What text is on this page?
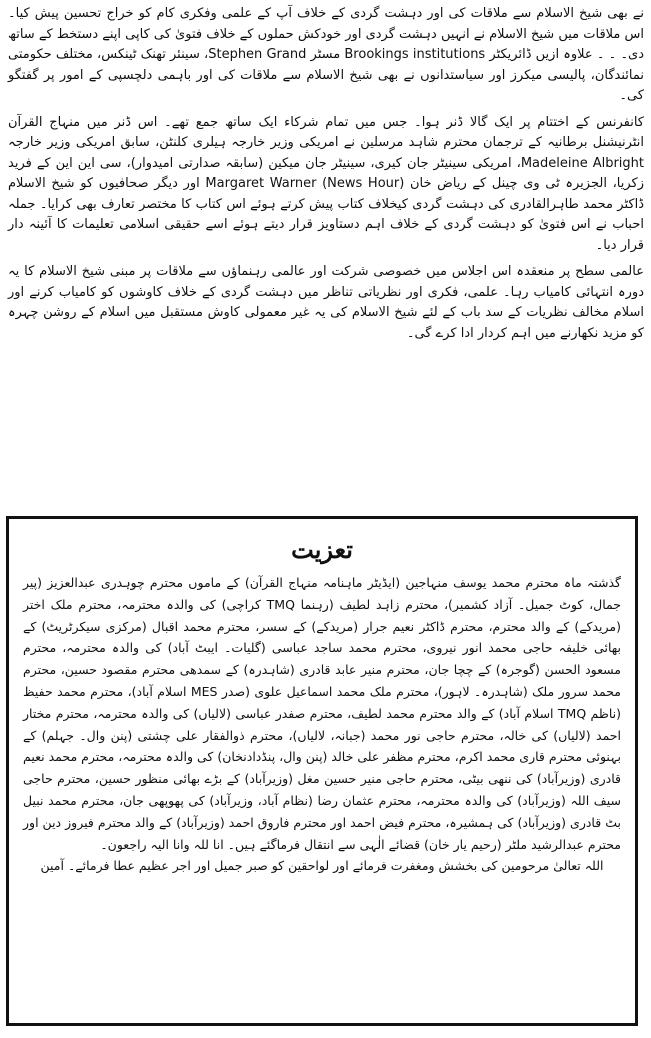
نے بھی شیخ الاسلام سے ملاقات کی اور دہشت گردی کے خلاف آپ کے علمی وفکری کام کو خراج تحسین پیش کیا۔ اس ملاقات میں شیخ الاسلام نے انہیں دہشت گردی اور خودکش حملوں کے خلاف فتویٰ کی کاپی اپنے دستخط کے ساتھ دی۔ ۔ ۔ علاوہ ازیں ڈائریکٹر Brookings institutions مسٹر Stephen Grand، سینئر تھنک ٹینکس، مختلف حکومتی نمائندگان، پالیسی میکرز اور سیاستدانوں نے بھی شیخ الاسلام سے ملاقات کی اور باہمی دلچسپی کے امور پر گفتگو کی۔

کانفرنس کے اختتام پر ایک گالا ڈنر ہوا۔ جس میں تمام شرکاء ایک ساتھ جمع تھے۔ اس ڈنر میں منہاج القرآن انٹرنیشنل برطانیہ کے ترجمان محترم شاہد مرسلین نے امریکی وزیر خارجہ ہیلری کلنٹن، سابق امریکی وزیر خارجہ Madeleine Albright، امریکی سینیٹر جان کیری، سینیٹر جان میکین (سابقہ صدارتی امیدوار)، سی این این کے فرید زکریا، الجزیرہ ٹی وی چینل کے ریاض خان (News Hour) Margaret Warner اور دیگر صحافیوں کو شیخ الاسلام ڈاکٹر محمد طاہرالقادری کی دہشت گردی کیخلاف کتاب پیش کرتے ہوئے اس کتاب کا مختصر تعارف بھی کرایا۔ جملہ احباب نے اس فتویٰ کو دہشت گردی کے خلاف اہم دستاویز قرار دیتے ہوئے اسے حقیقی اسلامی تعلیمات کا آئینہ دار قرار دیا۔

عالمی سطح پر منعقدہ اس اجلاس میں خصوصی شرکت اور عالمی رہنماؤں سے ملاقات پر مبنی شیخ الاسلام کا یہ دورہ انتہائی کامیاب رہا۔ علمی، فکری اور نظریاتی تناظر میں دہشت گردی کے خلاف کاوشوں کو کامیاب کرنے اور اسلام مخالف نظریات کے سد باب کے لئے شیخ الاسلام کی یہ غیر معمولی کاوش مستقبل میں اسلام کے روشن چہرہ کو مزید نکھارنے میں اہم کردار ادا کرے گی۔

تعزیت

گذشتہ ماہ محترم محمد یوسف منہاجین (ایڈیٹر ماہنامہ منہاج القرآن) کے ماموں محترم چوہدری عبدالعزیز (پیر جمال، کوٹ جمیل۔ آزاد کشمیر)، محترم زاہد لطیف (رہنما TMQ کراچی) کی والدہ محترمہ، محترم ملک اختر (مریدکے) کے والد محترم، محترم ڈاکٹر نعیم جرار (مریدکے) کے سسر، محترم محمد اقبال (مرکزی سیکرٹریٹ) کے بھائی خلیفہ حاجی محمد انور نیروی، محترم محمد ساجد عباسی (گلیات۔ ایبٹ آباد) کی والدہ محترمہ، محترم مسعود الحسن (گوجرہ) کے چچا جان، محترم منیر عابد قادری (شاہدرہ) کے سمدھی محترم مقصود حسین، محترم محمد سرور ملک (شاہدرہ۔ لاہور)، محترم ملک محمد اسماعیل علوی (صدر MES اسلام آباد)، محترم محمد حفیظ (ناظم TMQ اسلام آباد) کے والد محترم محمد لطیف، محترم صفدر عباسی (لالیاں) کی والدہ محترمہ، محترم مختار احمد (لالیاں) کی خالہ، محترم حاجی نور محمد (جبانہ، لالیاں)، محترم ذوالفقار علی چشتی (پنن وال۔ جہلم) کے بہنوئی محترم قاری محمد اکرم، محترم مظفر علی خالد (پنن وال، پنڈدادنخان) کی والدہ محترمہ، محترم محمد نعیم قادری (وزیرآباد) کی ننھی بیٹی، محترم حاجی منیر حسین مغل (وزیرآباد) کے بڑے بھائی منظور حسین، محترم حاجی سیف اللہ (وزیرآباد) کی والدہ محترمہ، محترم عثمان رضا (نظام آباد، وزیرآباد) کی پھوپھی جان، محترم محمد نبیل بٹ قادری (وزیرآباد) کی ہمشیرہ، محترم فیض احمد اور محترم فاروق احمد (وزیرآباد) کے والد محترم فیروز دین اور محترم عبدالرشید ملٹر (رحیم یار خان) قضائے الٰہی سے انتقال فرماگئے ہیں۔ انا للہ وانا الیہ راجعون۔

اللہ تعالیٰ مرحومین کی بخشش ومغفرت فرمائے اور لواحقین کو صبر جمیل اور اجر عظیم عطا فرمائے۔ آمین
